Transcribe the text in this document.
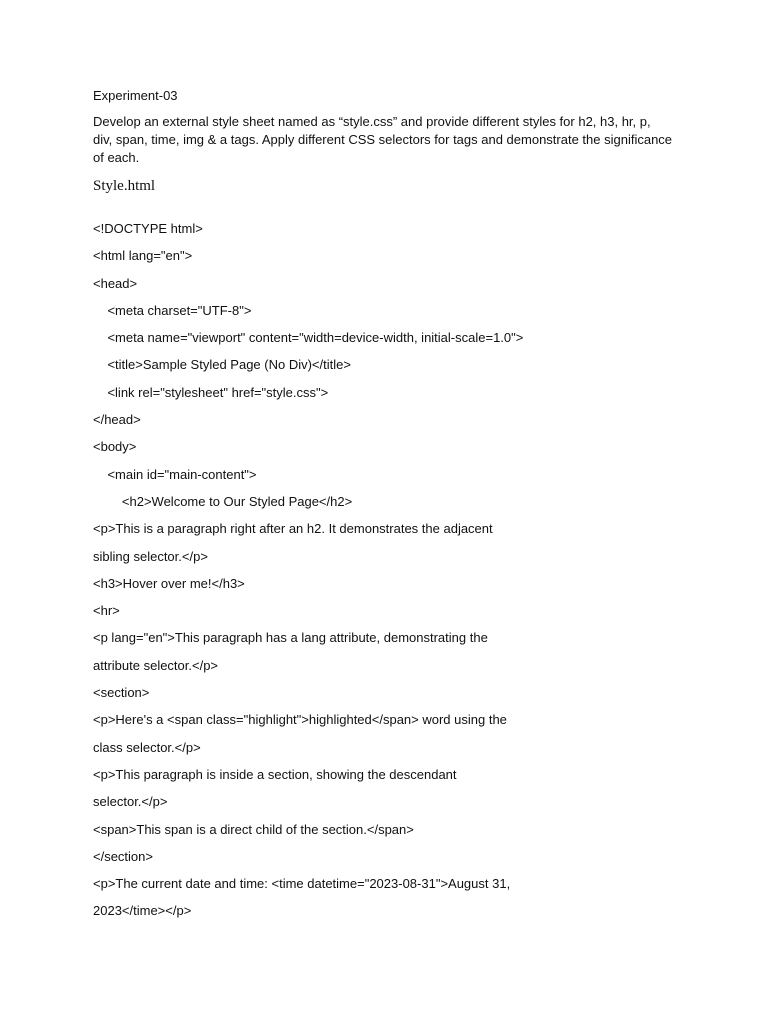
Experiment-03
Develop an external style sheet named as “style.css” and provide different styles for h2, h3, hr, p,
div, span, time, img & a tags. Apply different CSS selectors for tags and demonstrate the significance
of each.
Style.html
<!DOCTYPE html>
<html lang="en">
<head>
<meta charset="UTF-8">
<meta name="viewport" content="width=device-width, initial-scale=1.0">
<title>Sample Styled Page (No Div)</title>
<link rel="stylesheet" href="style.css">
</head>
<body>
<main id="main-content">
<h2>Welcome to Our Styled Page</h2>
<p>This is a paragraph right after an h2. It demonstrates the adjacent
sibling selector.</p>
<h3>Hover over me!</h3>
<hr>
<p lang="en">This paragraph has a lang attribute, demonstrating the
attribute selector.</p>
<section>
<p>Here's a <span class="highlight">highlighted</span> word using the
class selector.</p>
<p>This paragraph is inside a section, showing the descendant
selector.</p>
<span>This span is a direct child of the section.</span>
</section>
<p>The current date and time: <time datetime="2023-08-31">August 31,
2023</time></p>
